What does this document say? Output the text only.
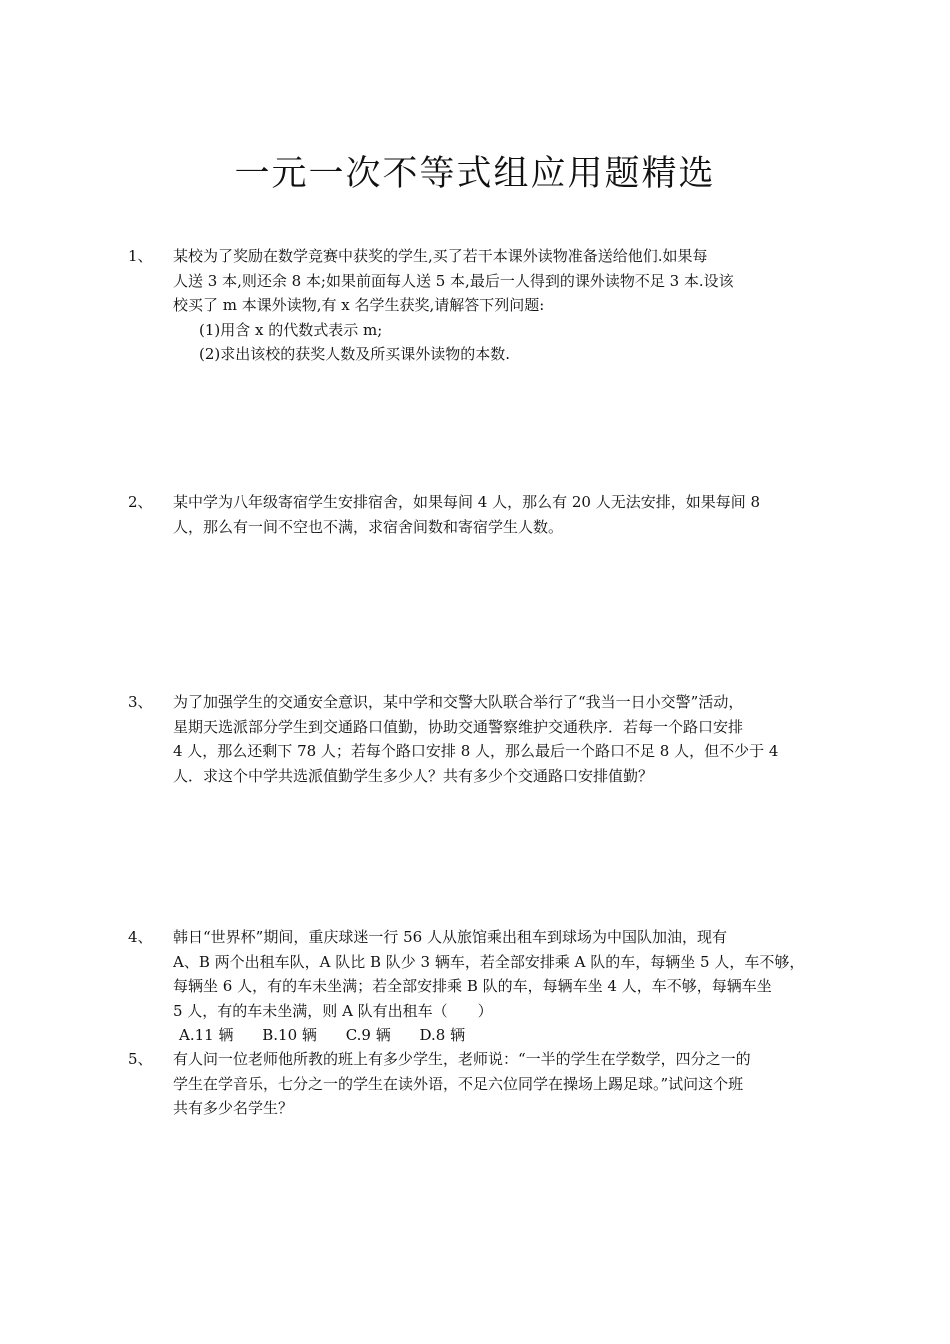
一元一次不等式组应用题精选
1、 某校为了奖励在数学竞赛中获奖的学生,买了若干本课外读物准备送给他们.如果每
人送 3 本,则还余 8 本;如果前面每人送 5 本,最后一人得到的课外读物不足 3 本.设该
校买了 m 本课外读物,有 x 名学生获奖,请解答下列问题:
(1)用含 x 的代数式表示 m;
(2)求出该校的获奖人数及所买课外读物的本数.
2、 某中学为八年级寄宿学生安排宿舍，如果每间 4 人，那么有 20 人无法安排，如果每间 8
人，那么有一间不空也不满，求宿舍间数和寄宿学生人数。
3、 为了加强学生的交通安全意识，某中学和交警大队联合举行了“我当一日小交警”活动，
星期天选派部分学生到交通路口值勤，协助交通警察维护交通秩序．若每一个路口安排
4 人，那么还剩下 78 人；若每个路口安排 8 人，那么最后一个路口不足 8 人，但不少于 4
人．求这个中学共选派值勤学生多少人？共有多少个交通路口安排值勤？
4、 韩日“世界杯”期间，重庆球迷一行 56 人从旅馆乘出租车到球场为中国队加油，现有
A、B 两个出租车队，A 队比 B 队少 3 辆车，若全部安排乘 A 队的车，每辆坐 5 人，车不够，
每辆坐 6 人，有的车未坐满；若全部安排乘 B 队的车，每辆车坐 4 人，车不够，每辆车坐
5 人，有的车未坐满，则 A 队有出租车（　　）
A.11 辆 B.10 辆 C.9 辆 D.8 辆
5、 有人问一位老师他所教的班上有多少学生，老师说：“一半的学生在学数学，四分之一的
学生在学音乐，七分之一的学生在读外语，不足六位同学在操场上踢足球。”试问这个班
共有多少名学生？
